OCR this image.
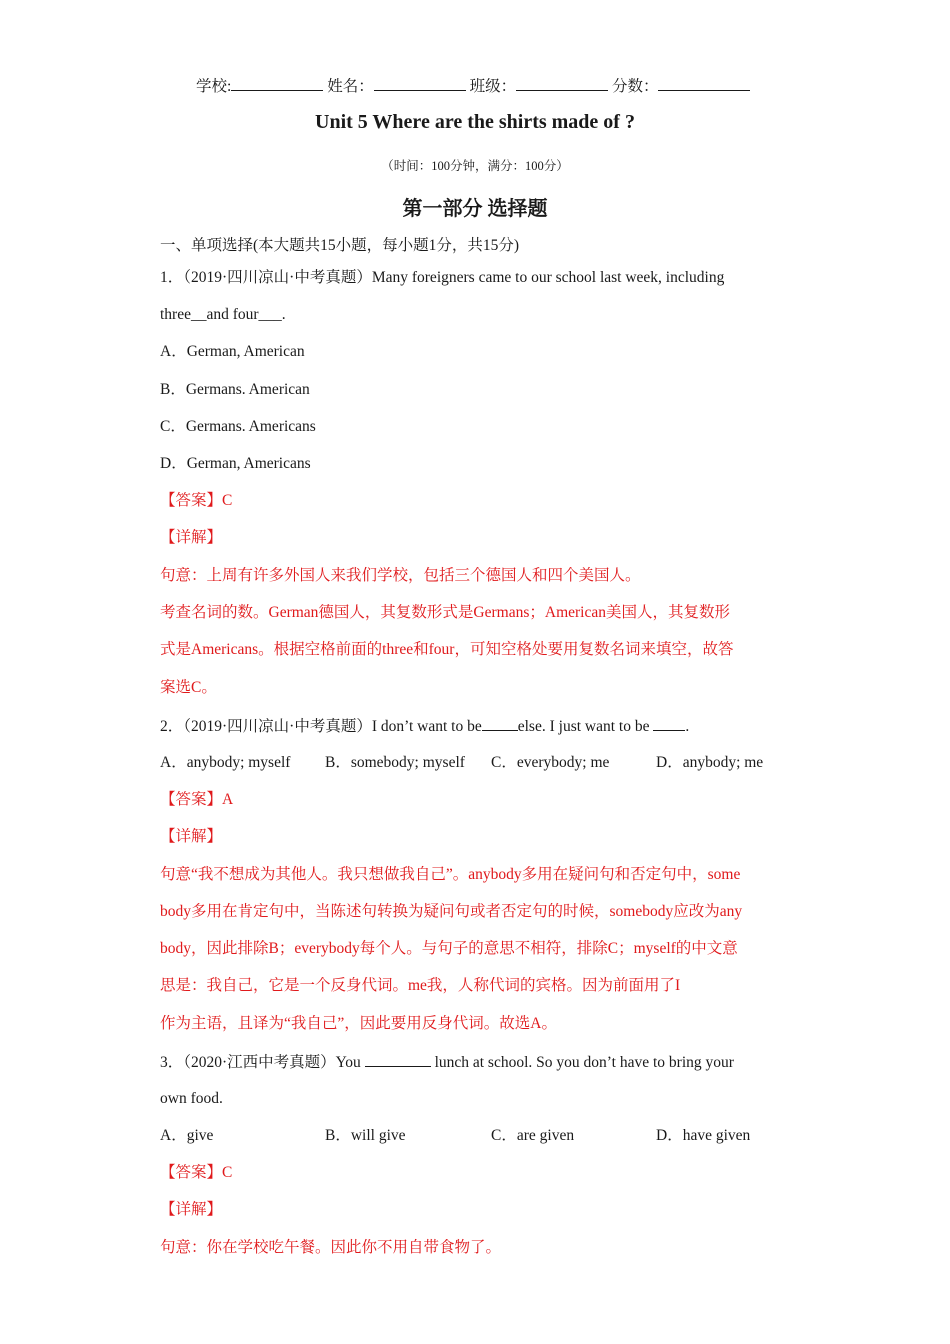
学校:	姓名：	班级：	分数：
Unit 5 Where are the shirts made of ?
（时间：100分钟，满分：100分）
第一部分 选择题
一、单项选择(本大题共15小题，每小题1分，共15分)
1．（2019·四川凉山·中考真题）Many foreigners came to our school last week, including
three__and four___.
A．German, American
B．Germans. American
C．Germans. Americans
D．German, Americans
【答案】C
【详解】
句意：上周有许多外国人来我们学校，包括三个德国人和四个美国人。
考查名词的数。German德国人，其复数形式是Germans；American美国人，其复数形
式是Americans。根据空格前面的three和four，可知空格处要用复数名词来填空，故答
案选C。
2．（2019·四川凉山·中考真题）I don’t want to be else. I just want to be .
A．anybody; myself B．somebody; myself C．everybody; me	D．anybody; me
【答案】A
【详解】
句意“我不想成为其他人。我只想做我自己”。anybody多用在疑问句和否定句中，some
body多用在肯定句中，当陈述句转换为疑问句或者否定句的时候，somebody应改为any
body，因此排除B；everybody每个人。与句子的意思不相符，排除C；myself的中文意
思是：我自己，它是一个反身代词。me我，人称代词的宾格。因为前面用了I
作为主语，且译为“我自己”，因此要用反身代词。故选A。
3．（2020·江西中考真题）You	lunch at school. So you don’t have to bring your
own food.
A．give	B．will give	C．are given	D．have given
【答案】C
【详解】
句意：你在学校吃午餐。因此你不用自带食物了。
